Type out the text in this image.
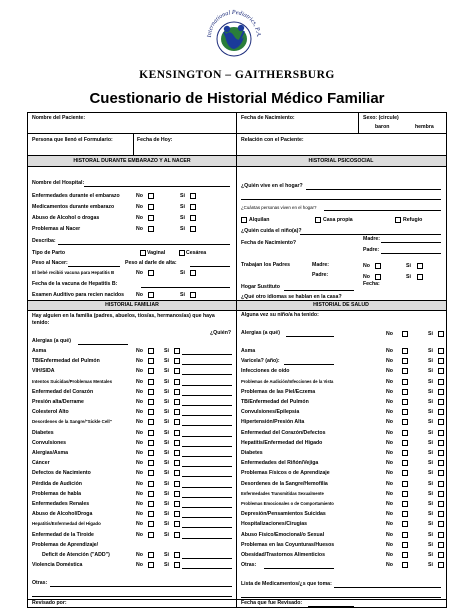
International Pediatrics, P.A.
KENSINGTON – GAITHERSBURG
Cuestionario de Historial Médico Familiar
Nombre del Paciente:	Fecha de Nacimiento:	Sexo: (circule)
baron	hembra
Persona que llenó el Formulario:	Fecha de Hoy:	Relación con el Paciente:
HISTORAL DURANTE EMBARAZO Y AL NACER	HISTORIAL PSICOSOCIAL
Nombre del Hospital:
Enfermedades durante el embarazo	No	Si
Medicamentos durante embarazo	No	Si
Abuso de Alcohol o drogas	No	Si
Problemas al Nacer	No	Si
Describa:
Tipo de Parto	Vaginal	Cesárea
Peso al Nacer:	Peso al darle de alta:
El bebé recibió vacuna para Hepatitis B	No	Si
Fecha de la vacuna de Hepatitis B:
Examen Auditivo para recien nacidos No	Si
¿Quién vive en el hogar?
¿Cuántas personas viven en el hogar?
Alquilan	Casa propia	Refugio
¿Quién cuida el niño(a)?
Madre:
Fecha de Nacimiento?
Padre:
Trabajan los Padres	Madre:	No	Si
Padre:	No	Si
Fecha:
Hogar Sustituto
¿Qué otro idiomas se hablan en la casa?
HISTORIAL FAMILIAR	HISTORIAL DE SALUD
Hay alguien en la familia (padres, abuelos, tíos/as, hermanos/as) que haya tenido:
¿Quién?
Alergias (a qué)
Asma	No	Si
TB/Enfermedad del Pulmón	No	Si
VIH/SIDA	No	Si
Intentos Suicidas/Problemas Mentales	No	Si
Enfermedad del Corazón	No	Si
Presión alta/Derrame	No	Si
Colesterol Alto	No	Si
Desordenes de la Sangre/"Sickle Cell"	No	Si
Diabetes	No	Si
Convulsiones	No	Si
Alergias/Asma	No	Si
Cáncer	No	Si
Defectos de Nacimiento	No	Si
Pérdida de Audición	No	Si
Problemas de habla	No	Si
Enfermedades Renales	No	Si
Abuso de Alcohol/Droga	No	Si
Hepatitis/Enfermedad del Higado	No	Si
Enfermedad de la Tiroide	No	Si
Problemas de Aprendizaje/
Deficit de Atención ("ADD")	No	Si
Violencia Doméstica	No	Si
Otras:
Alguna vez su niño/a ha tenido:
Alergias (a qué)	No	Si
Asma	No	Si
Varicela? (año):	No	Si
Infecciones de oído	No	Si
Problemas de Audición/Infecciones de la Vista	No	Si
Problemas de las Piel/Eczema	No	Si
TB/Enfermedad del Pulmón	No	Si
Convulsiones/Epilepsia	No	Si
Hipertensión/Presión Alta	No	Si
Enfermedad del Corazón/Defectos	No	Si
Hepatitis/Enfermedad del Higado	No	Si
Diabetes	No	Si
Enfermedades del Riñón/Vejiga	No	Si
Problemas Físicos o de Aprendizaje	No	Si
Desordenes de la Sangre/Hemofilia	No	Si
Enfermedades Transmitidas Sexualmente	No	Si
Problemas Emocionales o de Comportamiento	No	Si
Depresión/Pensamientos Suicidas	No	Si
Hospitalizaciones/Cirugias	No	Si
Abuso Físico/Emocional/o Sexual	No	Si
Problemas en las Coyunturas/Huesos	No	Si
Obesidad/Trastornos Alimenticios	No	Si
Otras:	No	Si
Lista de Medicamentos/¿s que toma:
Revisado por:	Fecha que fue Revisado:
